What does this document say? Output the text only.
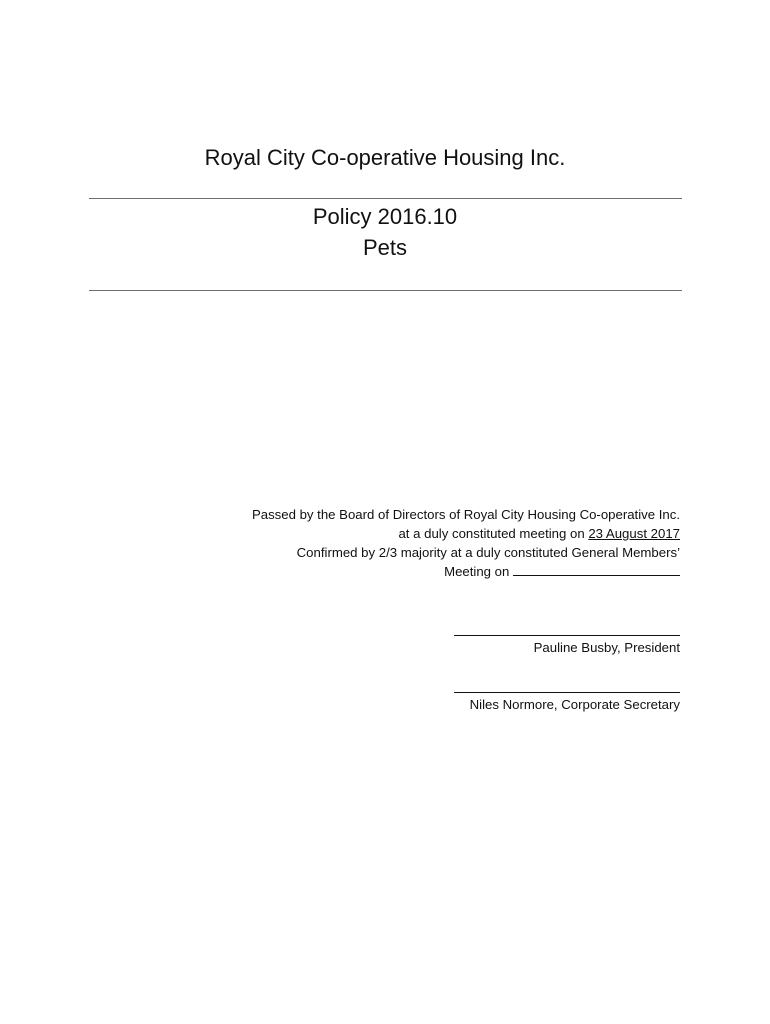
Royal City Co-operative Housing Inc.
Policy 2016.10
Pets
Passed by the Board of Directors of Royal City Housing Co-operative Inc.
at a duly constituted meeting on 23 August 2017
Confirmed by 2/3 majority at a duly constituted General Members’
Meeting on
Pauline Busby, President
Niles Normore, Corporate Secretary
